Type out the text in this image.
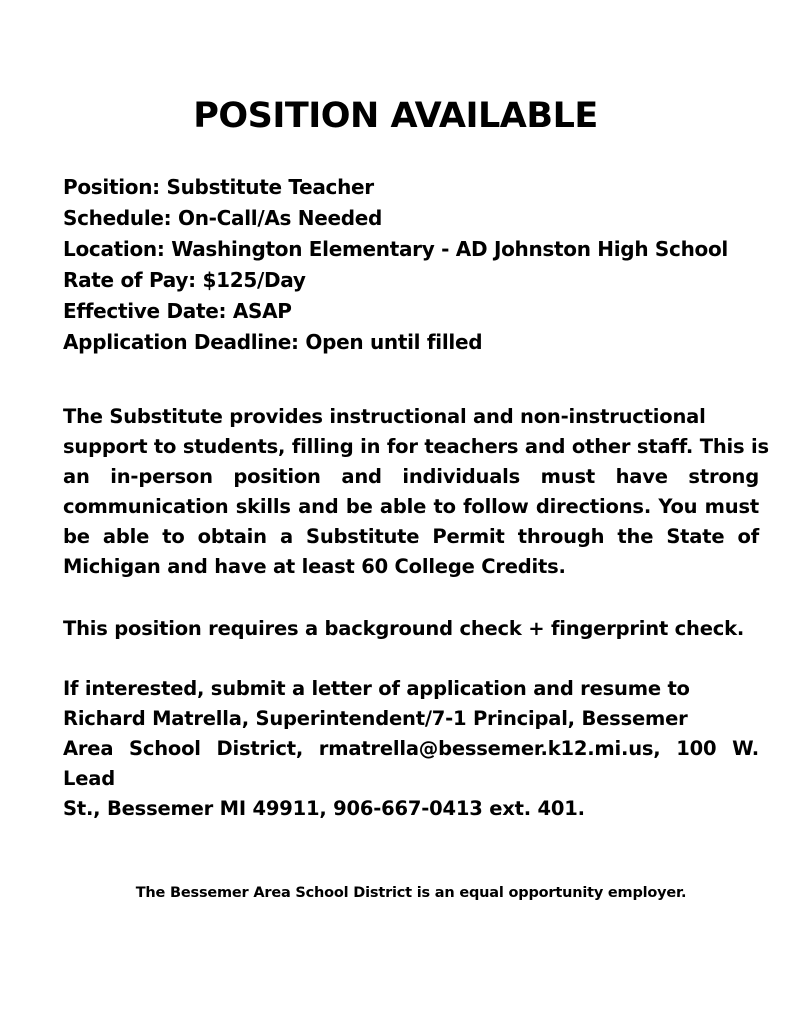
POSITION AVAILABLE
Position: Substitute Teacher
Schedule: On-Call/As Needed
Location: Washington Elementary - AD Johnston High School
Rate of Pay: $125/Day
Effective Date: ASAP
Application Deadline: Open until filled
The Substitute provides instructional and non-instructional
support to students, filling in for teachers and other staff. This is
an in-person position and individuals must have strong
communication skills and be able to follow directions. You must
be able to obtain a Substitute Permit through the State of
Michigan and have at least 60 College Credits.

This position requires a background check + fingerprint check.

If interested, submit a letter of application and resume to
Richard Matrella, Superintendent/7-1 Principal, Bessemer
Area School District, rmatrella@bessemer.k12.mi.us, 100 W. Lead
St., Bessemer MI 49911, 906-667-0413 ext. 401.

The Bessemer Area School District is an equal opportunity employer.
